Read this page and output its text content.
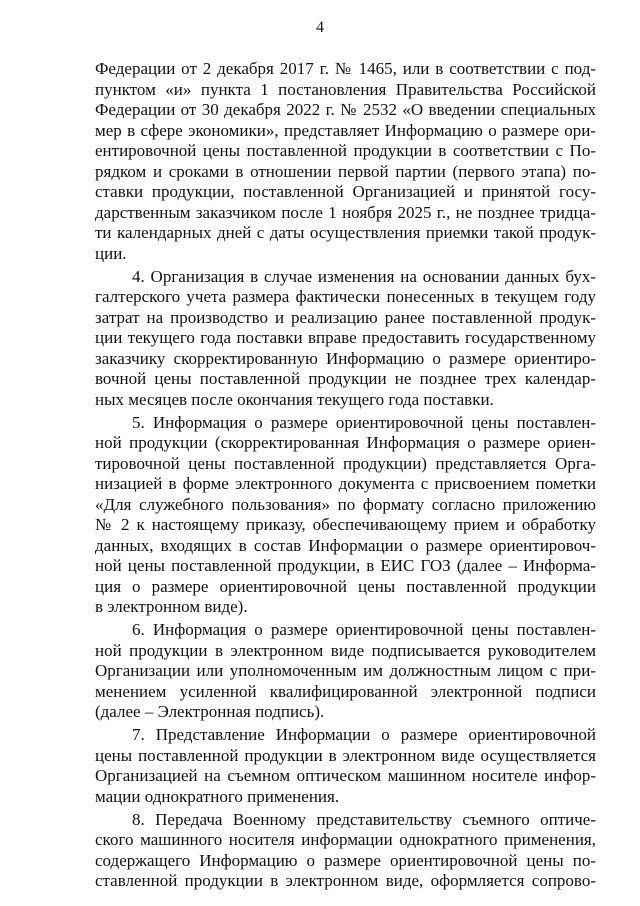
4
Федерации от 2 декабря 2017 г. № 1465, или в соответствии с под-
пунктом «и» пункта 1 постановления Правительства Российской
Федерации от 30 декабря 2022 г. № 2532 «О введении специальных
мер в сфере экономики», представляет Информацию о размере ори-
ентировочной цены поставленной продукции в соответствии с По-
рядком и сроками в отношении первой партии (первого этапа) по-
ставки продукции, поставленной Организацией и принятой госу-
дарственным заказчиком после 1 ноября 2025 г., не позднее тридца-
ти календарных дней с даты осуществления приемки такой продук-
ции.
4. Организация в случае изменения на основании данных бух-
галтерского учета размера фактически понесенных в текущем году
затрат на производство и реализацию ранее поставленной продук-
ции текущего года поставки вправе предоставить государственному
заказчику скорректированную Информацию о размере ориентиро-
вочной цены поставленной продукции не позднее трех календар-
ных месяцев после окончания текущего года поставки.
5. Информация о размере ориентировочной цены поставлен-
ной продукции (скорректированная Информация о размере ориен-
тировочной цены поставленной продукции) представляется Орга-
низацией в форме электронного документа с присвоением пометки
«Для служебного пользования» по формату согласно приложению
№ 2 к настоящему приказу, обеспечивающему прием и обработку
данных, входящих в состав Информации о размере ориентировоч-
ной цены поставленной продукции, в ЕИС ГОЗ (далее – Информа-
ция о размере ориентировочной цены поставленной продукции
в электронном виде).
6. Информация о размере ориентировочной цены поставлен-
ной продукции в электронном виде подписывается руководителем
Организации или уполномоченным им должностным лицом с при-
менением усиленной квалифицированной электронной подписи
(далее – Электронная подпись).
7. Представление Информации о размере ориентировочной
цены поставленной продукции в электронном виде осуществляется
Организацией на съемном оптическом машинном носителе инфор-
мации однократного применения.
8. Передача Военному представительству съемного оптиче-
ского машинного носителя информации однократного применения,
содержащего Информацию о размере ориентировочной цены по-
ставленной продукции в электронном виде, оформляется сопрово-
